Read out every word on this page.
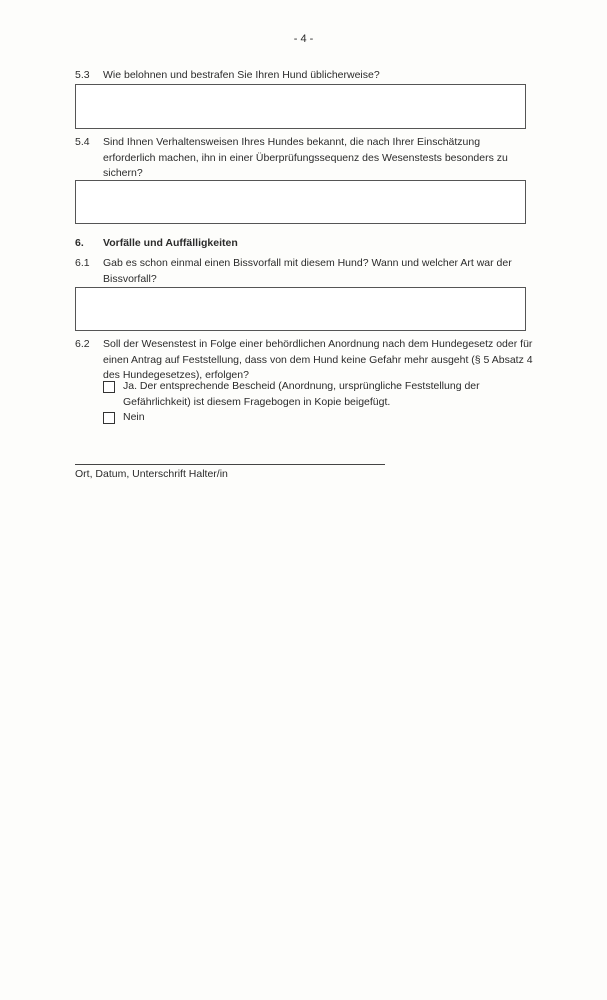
- 4 -
5.3 Wie belohnen und bestrafen Sie Ihren Hund üblicherweise?
5.4 Sind Ihnen Verhaltensweisen Ihres Hundes bekannt, die nach Ihrer Einschätzung erforderlich machen, ihn in einer Überprüfungssequenz des Wesenstests besonders zu sichern?
6. Vorfälle und Auffälligkeiten
6.1 Gab es schon einmal einen Bissvorfall mit diesem Hund? Wann und welcher Art war der Bissvorfall?
6.2 Soll der Wesenstest in Folge einer behördlichen Anordnung nach dem Hundegesetz oder für einen Antrag auf Feststellung, dass von dem Hund keine Gefahr mehr ausgeht (§ 5 Absatz 4 des Hundegesetzes), erfolgen?
Ja. Der entsprechende Bescheid (Anordnung, ursprüngliche Feststellung der Gefährlichkeit) ist diesem Fragebogen in Kopie beigefügt.
Nein
Ort, Datum, Unterschrift Halter/in
